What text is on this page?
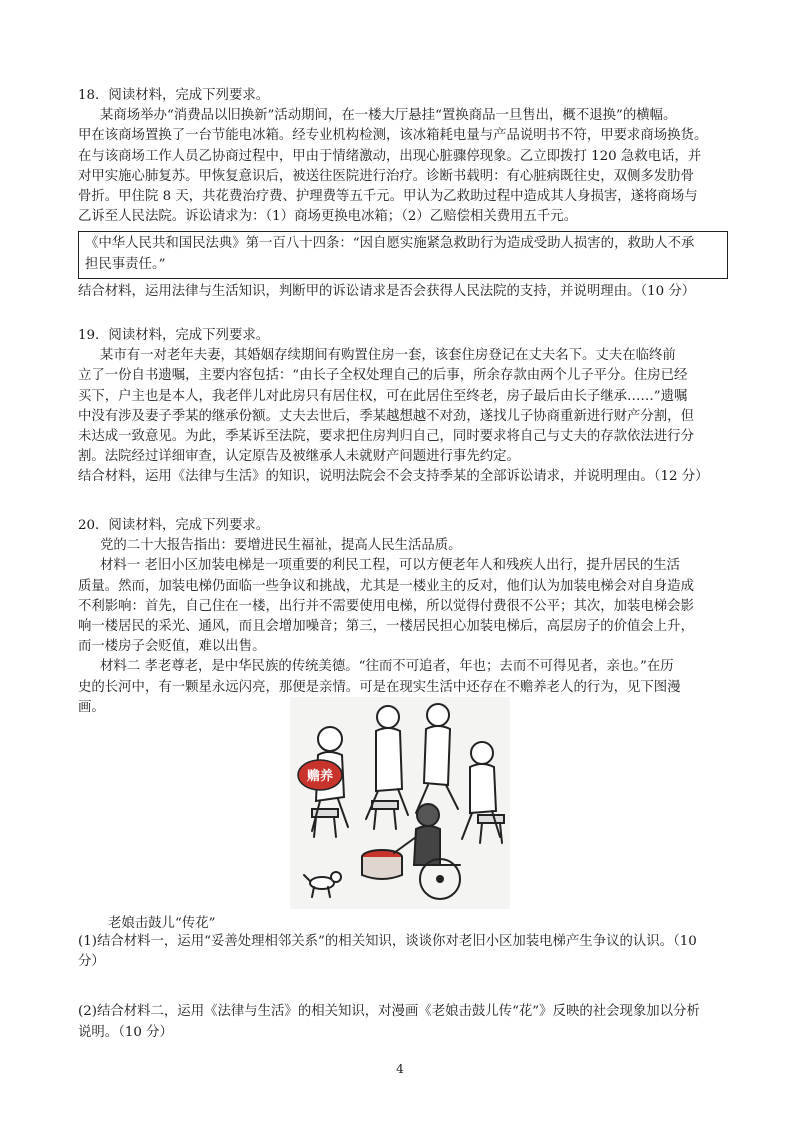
18．阅读材料，完成下列要求。
某商场举办“消费品以旧换新”活动期间，在一楼大厅悬挂“置换商品一旦售出，概不退换”的横幅。
甲在该商场置换了一台节能电冰箱。经专业机构检测，该冰箱耗电量与产品说明书不符，甲要求商场换货。
在与该商场工作人员乙协商过程中，甲由于情绪激动，出现心脏骤停现象。乙立即拨打 120 急救电话，并
对甲实施心肺复苏。甲恢复意识后，被送往医院进行治疗。诊断书载明：有心脏病既往史，双侧多发肋骨
骨折。甲住院 8 天，共花费治疗费、护理费等五千元。甲认为乙救助过程中造成其人身损害，遂将商场与
乙诉至人民法院。诉讼请求为：（1）商场更换电冰箱；（2）乙赔偿相关费用五千元。
《中华人民共和国民法典》第一百八十四条：“因自愿实施紧急救助行为造成受助人损害的，救助人不承
担民事责任。”
结合材料，运用法律与生活知识，判断甲的诉讼请求是否会获得人民法院的支持，并说明理由。（10 分）
19．阅读材料，完成下列要求。
某市有一对老年夫妻，其婚姻存续期间有购置住房一套，该套住房登记在丈夫名下。丈夫在临终前
立了一份自书遗嘱，主要内容包括：“由长子全权处理自己的后事，所余存款由两个儿子平分。住房已经
买下，户主也是本人，我老伴儿对此房只有居住权，可在此居住至终老，房子最后由长子继承……”遗嘱
中没有涉及妻子季某的继承份额。丈夫去世后，季某越想越不对劲，遂找儿子协商重新进行财产分割，但
未达成一致意见。为此，季某诉至法院，要求把住房判归自己，同时要求将自己与丈夫的存款依法进行分
割。法院经过详细审查，认定原告及被继承人未就财产问题进行事先约定。
结合材料，运用《法律与生活》的知识，说明法院会不会支持季某的全部诉讼请求，并说明理由。（12 分）
20．阅读材料，完成下列要求。
党的二十大报告指出：要增进民生福祉，提高人民生活品质。
材料一 老旧小区加装电梯是一项重要的利民工程，可以方便老年人和残疾人出行，提升居民的生活
质量。然而，加装电梯仍面临一些争议和挑战，尤其是一楼业主的反对，他们认为加装电梯会对自身造成
不利影响：首先，自己住在一楼，出行并不需要使用电梯，所以觉得付费很不公平；其次，加装电梯会影
响一楼居民的采光、通风，而且会增加噪音；第三，一楼居民担心加装电梯后，高层房子的价值会上升，
而一楼房子会贬值，难以出售。
材料二 孝老尊老，是中华民族的传统美德。“往而不可追者，年也；去而不可得见者，亲也。”在历
史的长河中，有一颗星永远闪亮，那便是亲情。可是在现实生活中还存在不赡养老人的行为，见下图漫
画。
赡养
老娘击鼓儿“传花”
(1)结合材料一，运用“妥善处理相邻关系”的相关知识，谈谈你对老旧小区加装电梯产生争议的认识。（10
分）
(2)结合材料二，运用《法律与生活》的相关知识，对漫画《老娘击鼓儿传“花”》反映的社会现象加以分析
说明。（10 分）
4
